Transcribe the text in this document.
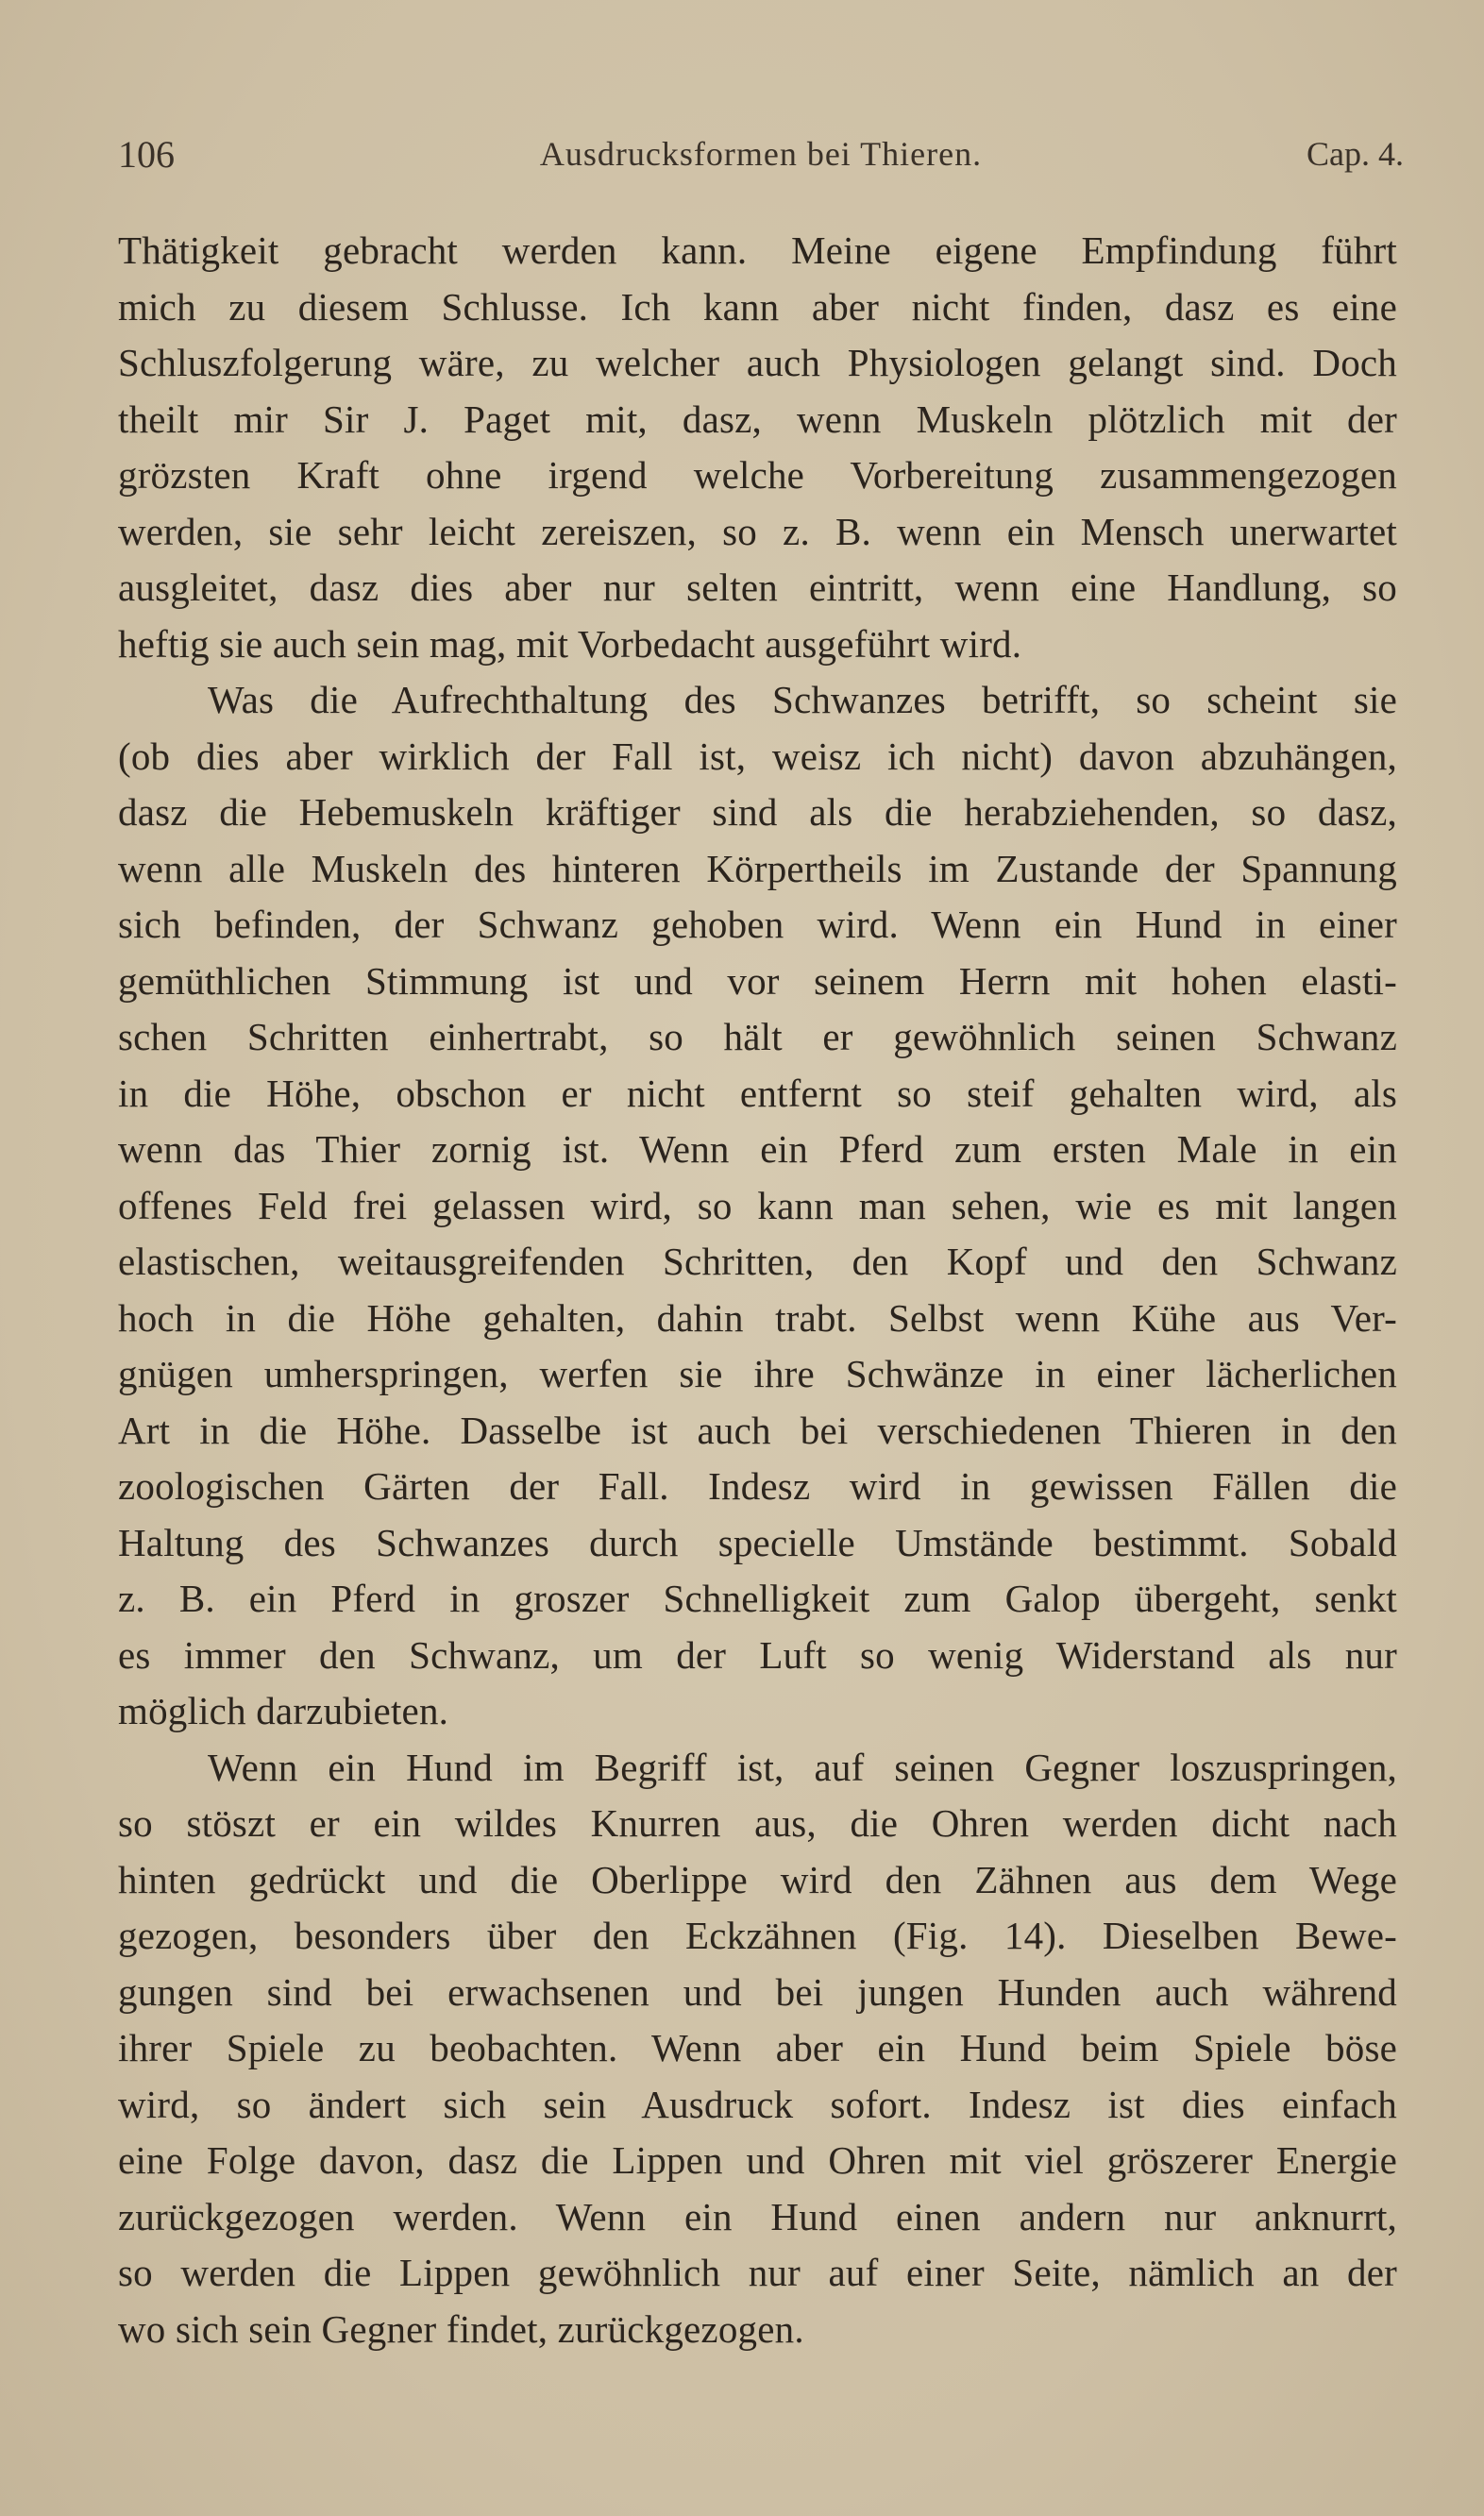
106	Ausdrucksformen bei Thieren.	Cap. 4.
Thätigkeit gebracht werden kann. Meine eigene Empfindung führt
mich zu diesem Schlusse. Ich kann aber nicht finden, dasz es eine
Schluszfolgerung wäre, zu welcher auch Physiologen gelangt sind. Doch
theilt mir Sir J. Paget mit, dasz, wenn Muskeln plötzlich mit der
grözsten Kraft ohne irgend welche Vorbereitung zusammengezogen
werden, sie sehr leicht zereiszen, so z. B. wenn ein Mensch unerwartet
ausgleitet, dasz dies aber nur selten eintritt, wenn eine Handlung, so
heftig sie auch sein mag, mit Vorbedacht ausgeführt wird.
Was die Aufrechthaltung des Schwanzes betrifft, so scheint sie
(ob dies aber wirklich der Fall ist, weisz ich nicht) davon abzuhängen,
dasz die Hebemuskeln kräftiger sind als die herabziehenden, so dasz,
wenn alle Muskeln des hinteren Körpertheils im Zustande der Spannung
sich befinden, der Schwanz gehoben wird. Wenn ein Hund in einer
gemüthlichen Stimmung ist und vor seinem Herrn mit hohen elasti-
schen Schritten einhertrabt, so hält er gewöhnlich seinen Schwanz
in die Höhe, obschon er nicht entfernt so steif gehalten wird, als
wenn das Thier zornig ist. Wenn ein Pferd zum ersten Male in ein
offenes Feld frei gelassen wird, so kann man sehen, wie es mit langen
elastischen, weitausgreifenden Schritten, den Kopf und den Schwanz
hoch in die Höhe gehalten, dahin trabt. Selbst wenn Kühe aus Ver-
gnügen umherspringen, werfen sie ihre Schwänze in einer lächerlichen
Art in die Höhe. Dasselbe ist auch bei verschiedenen Thieren in den
zoologischen Gärten der Fall. Indesz wird in gewissen Fällen die
Haltung des Schwanzes durch specielle Umstände bestimmt. Sobald
z. B. ein Pferd in groszer Schnelligkeit zum Galop übergeht, senkt
es immer den Schwanz, um der Luft so wenig Widerstand als nur
möglich darzubieten.
Wenn ein Hund im Begriff ist, auf seinen Gegner loszuspringen,
so stöszt er ein wildes Knurren aus, die Ohren werden dicht nach
hinten gedrückt und die Oberlippe wird den Zähnen aus dem Wege
gezogen, besonders über den Eckzähnen (Fig. 14). Dieselben Bewe-
gungen sind bei erwachsenen und bei jungen Hunden auch während
ihrer Spiele zu beobachten. Wenn aber ein Hund beim Spiele böse
wird, so ändert sich sein Ausdruck sofort. Indesz ist dies einfach
eine Folge davon, dasz die Lippen und Ohren mit viel gröszerer Energie
zurückgezogen werden. Wenn ein Hund einen andern nur anknurrt,
so werden die Lippen gewöhnlich nur auf einer Seite, nämlich an der
wo sich sein Gegner findet, zurückgezogen.
